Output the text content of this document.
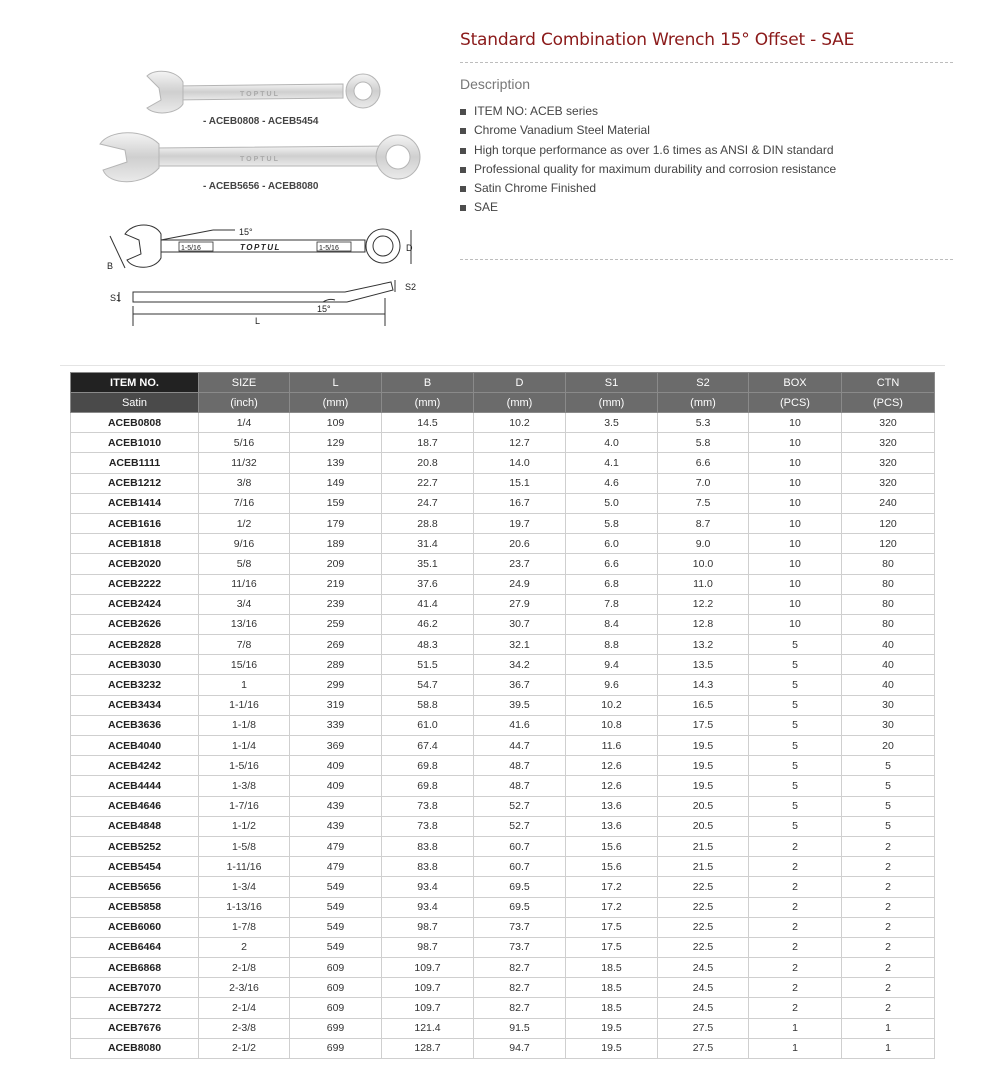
TOPTUL
- ACEB0808 - ACEB5454
TOPTUL
- ACEB5656 - ACEB8080
1-5/16	TOPTUL	1-5/16
15°
B
D
S1
S2
15°
L
Standard Combination Wrench 15° Offset - SAE
Description
ITEM NO: ACEB series
Chrome Vanadium Steel Material
High torque performance as over 1.6 times as ANSI & DIN standard
Professional quality for maximum durability and corrosion resistance
Satin Chrome Finished
SAE
ITEM NO.	SIZE	L	B	D	S1	S2	BOX	CTN
Satin	(inch)	(mm)	(mm)	(mm)	(mm)	(mm)	(PCS)	(PCS)
ACEB0808	1/4	109	14.5	10.2	3.5	5.3	10	320
ACEB1010	5/16	129	18.7	12.7	4.0	5.8	10	320
ACEB1111	11/32	139	20.8	14.0	4.1	6.6	10	320
ACEB1212	3/8	149	22.7	15.1	4.6	7.0	10	320
ACEB1414	7/16	159	24.7	16.7	5.0	7.5	10	240
ACEB1616	1/2	179	28.8	19.7	5.8	8.7	10	120
ACEB1818	9/16	189	31.4	20.6	6.0	9.0	10	120
ACEB2020	5/8	209	35.1	23.7	6.6	10.0	10	80
ACEB2222	11/16	219	37.6	24.9	6.8	11.0	10	80
ACEB2424	3/4	239	41.4	27.9	7.8	12.2	10	80
ACEB2626	13/16	259	46.2	30.7	8.4	12.8	10	80
ACEB2828	7/8	269	48.3	32.1	8.8	13.2	5	40
ACEB3030	15/16	289	51.5	34.2	9.4	13.5	5	40
ACEB3232	1	299	54.7	36.7	9.6	14.3	5	40
ACEB3434	1-1/16	319	58.8	39.5	10.2	16.5	5	30
ACEB3636	1-1/8	339	61.0	41.6	10.8	17.5	5	30
ACEB4040	1-1/4	369	67.4	44.7	11.6	19.5	5	20
ACEB4242	1-5/16	409	69.8	48.7	12.6	19.5	5	5
ACEB4444	1-3/8	409	69.8	48.7	12.6	19.5	5	5
ACEB4646	1-7/16	439	73.8	52.7	13.6	20.5	5	5
ACEB4848	1-1/2	439	73.8	52.7	13.6	20.5	5	5
ACEB5252	1-5/8	479	83.8	60.7	15.6	21.5	2	2
ACEB5454	1-11/16	479	83.8	60.7	15.6	21.5	2	2
ACEB5656	1-3/4	549	93.4	69.5	17.2	22.5	2	2
ACEB5858	1-13/16	549	93.4	69.5	17.2	22.5	2	2
ACEB6060	1-7/8	549	98.7	73.7	17.5	22.5	2	2
ACEB6464	2	549	98.7	73.7	17.5	22.5	2	2
ACEB6868	2-1/8	609	109.7	82.7	18.5	24.5	2	2
ACEB7070	2-3/16	609	109.7	82.7	18.5	24.5	2	2
ACEB7272	2-1/4	609	109.7	82.7	18.5	24.5	2	2
ACEB7676	2-3/8	699	121.4	91.5	19.5	27.5	1	1
ACEB8080	2-1/2	699	128.7	94.7	19.5	27.5	1	1
